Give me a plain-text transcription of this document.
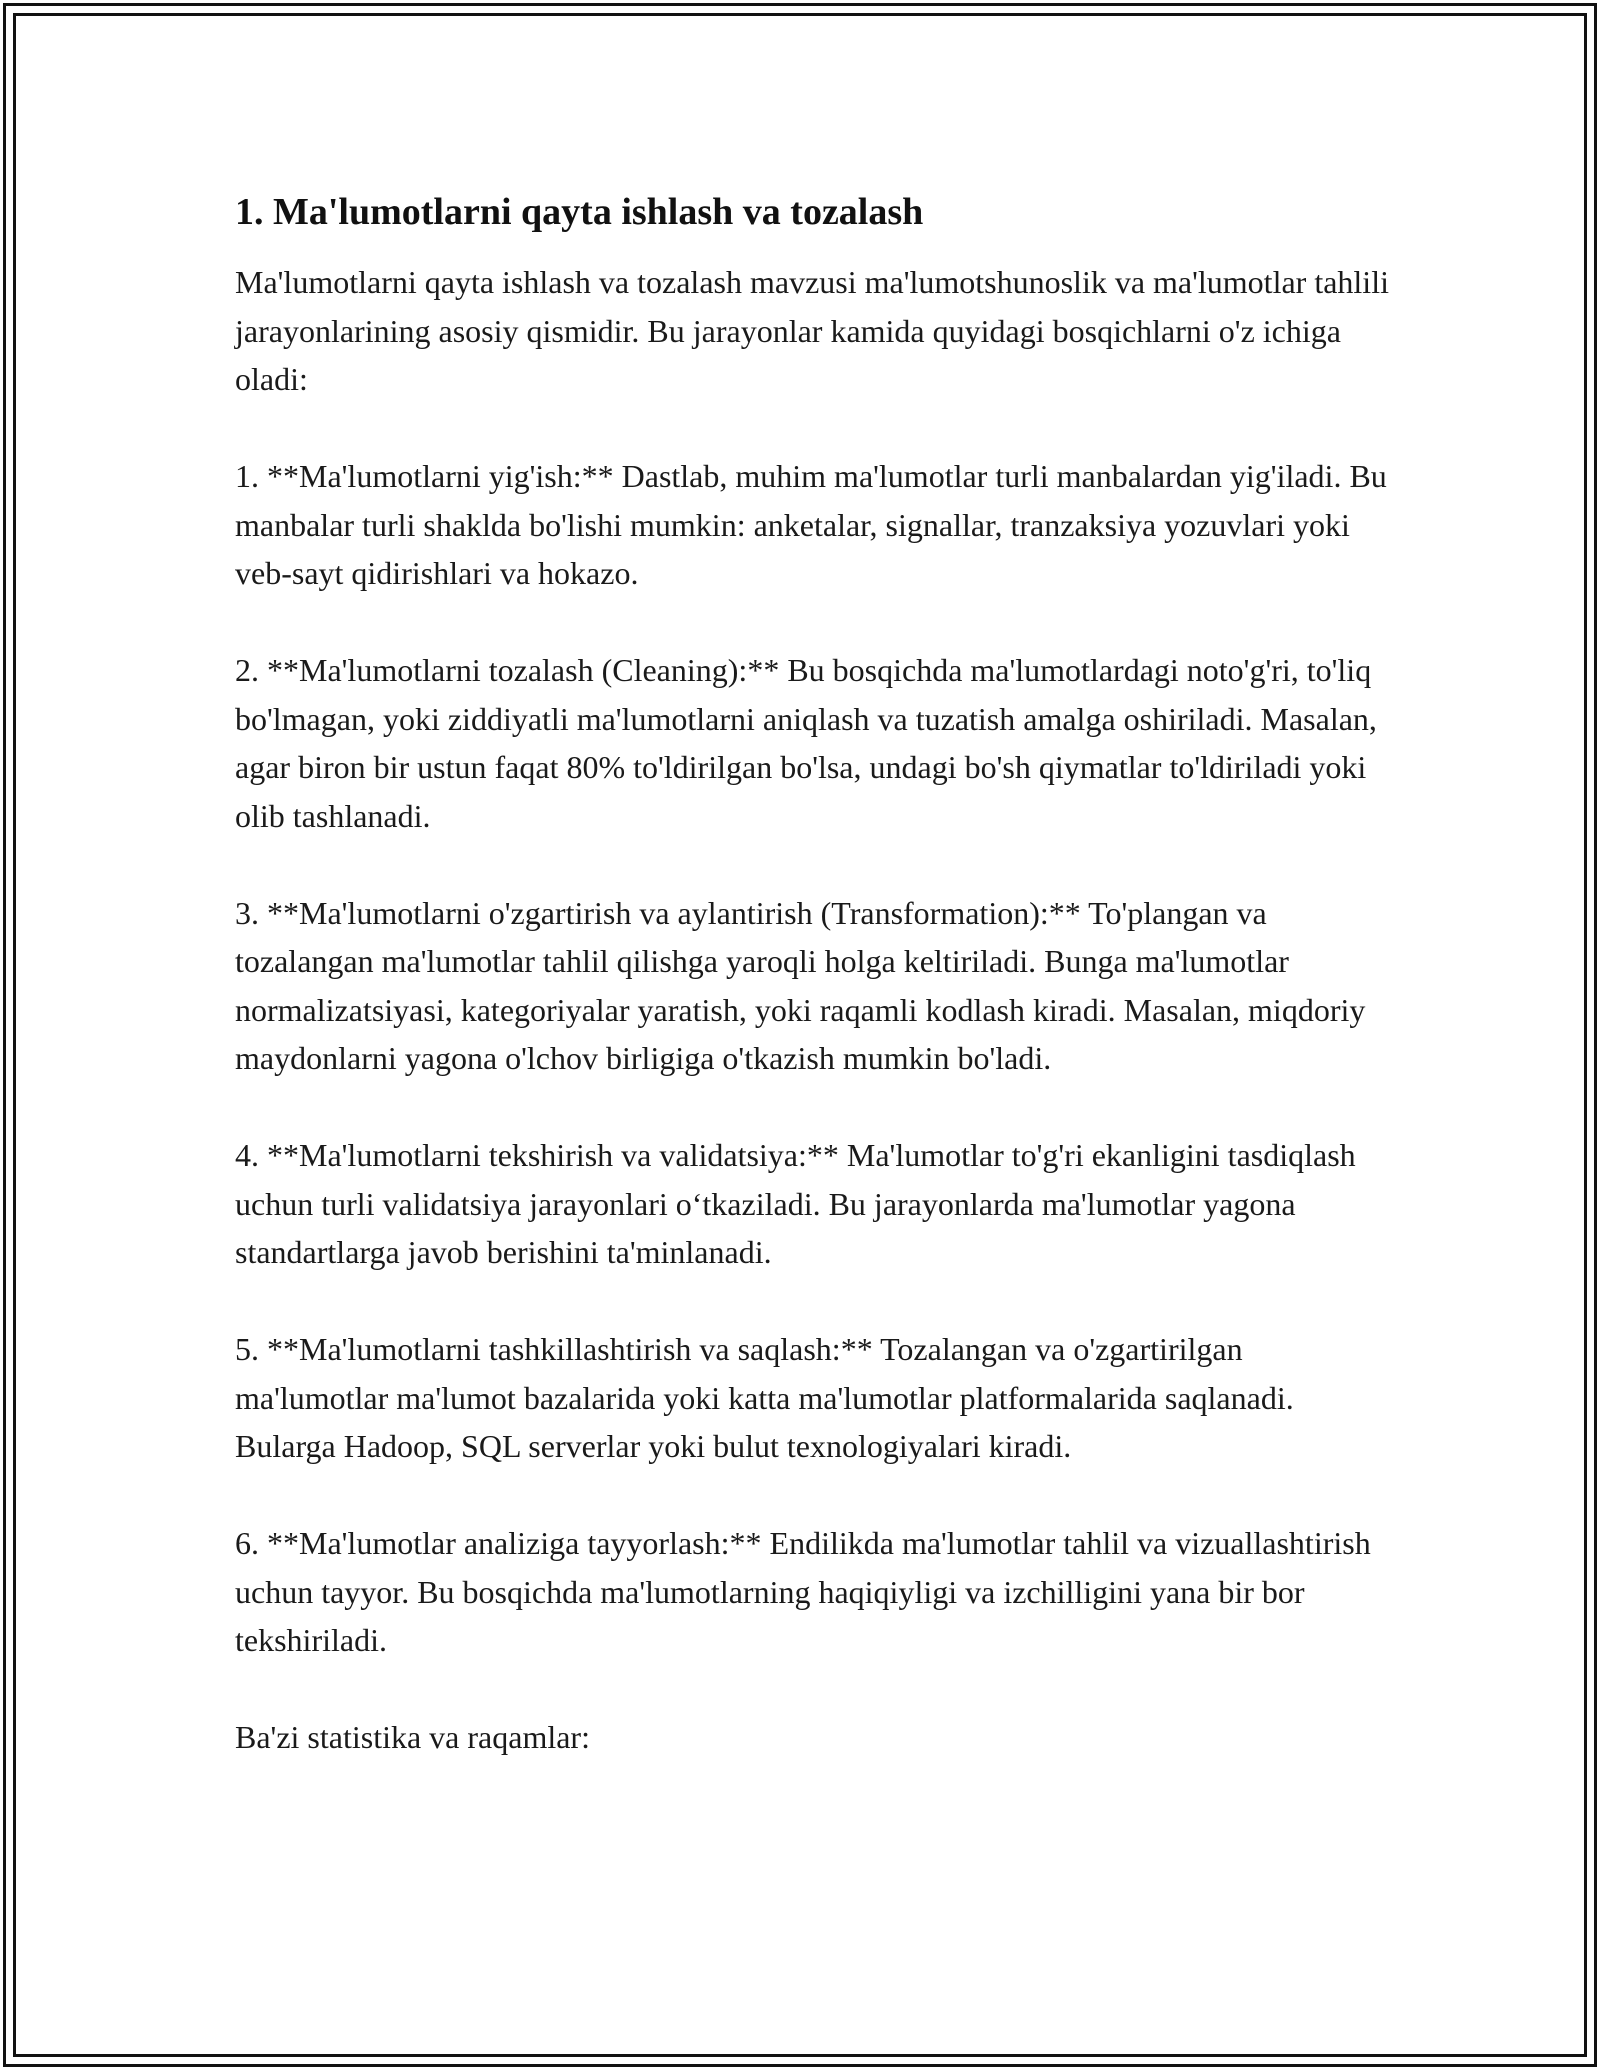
1. Ma'lumotlarni qayta ishlash va tozalash

Ma'lumotlarni qayta ishlash va tozalash mavzusi ma'lumotshunoslik va ma'lumotlar tahlili jarayonlarining asosiy qismidir. Bu jarayonlar kamida quyidagi bosqichlarni o'z ichiga oladi:

1. **Ma'lumotlarni yig'ish:** Dastlab, muhim ma'lumotlar turli manbalardan yig'iladi. Bu manbalar turli shakldа bo'lishi mumkin: anketalar, signallar, tranzaksiya yozuvlari yoki veb-sayt qidirishlari va hokazo.

2. **Ma'lumotlarni tozalash (Cleaning):** Bu bosqichda ma'lumotlardagi noto'g'ri, to'liq bo'lmagan, yoki ziddiyatli ma'lumotlarni aniqlash va tuzatish amalga oshiriladi. Masalan, agar biron bir ustun faqat 80% to'ldirilgan bo'lsa, undagi bo'sh qiymatlar to'ldiriladi yoki olib tashlanadi.

3. **Ma'lumotlarni o'zgartirish va aylantirish (Transformation):** To'plangan va tozalangan ma'lumotlar tahlil qilishga yaroqli holga keltiriladi. Bunga ma'lumotlar normalizatsiyasi, kategoriyalar yaratish, yoki raqamli kodlash kiradi. Masalan, miqdoriy maydonlarni yagona o'lchov birligiga o'tkazish mumkin bo'ladi.

4. **Ma'lumotlarni tekshirish va validatsiya:** Ma'lumotlar to'g'ri ekanligini tasdiqlash uchun turli validatsiya jarayonlari o‘tkaziladi. Bu jarayonlarda ma'lumotlar yagona standartlarga javob berishini ta'minlanadi.

5. **Ma'lumotlarni tashkillashtirish va saqlash:** Tozalangan va o'zgartirilgan ma'lumotlar ma'lumot bazalarida yoki katta ma'lumotlar platformalarida saqlanadi. Bularga Hadoop, SQL serverlar yoki bulut texnologiyalari kiradi.

6. **Ma'lumotlar analiziga tayyorlash:** Endilikda ma'lumotlar tahlil va vizuallashtirish uchun tayyor. Bu bosqichda ma'lumotlarning haqiqiyligi va izchilligini yana bir bor tekshiriladi.

Ba'zi statistika va raqamlar:
